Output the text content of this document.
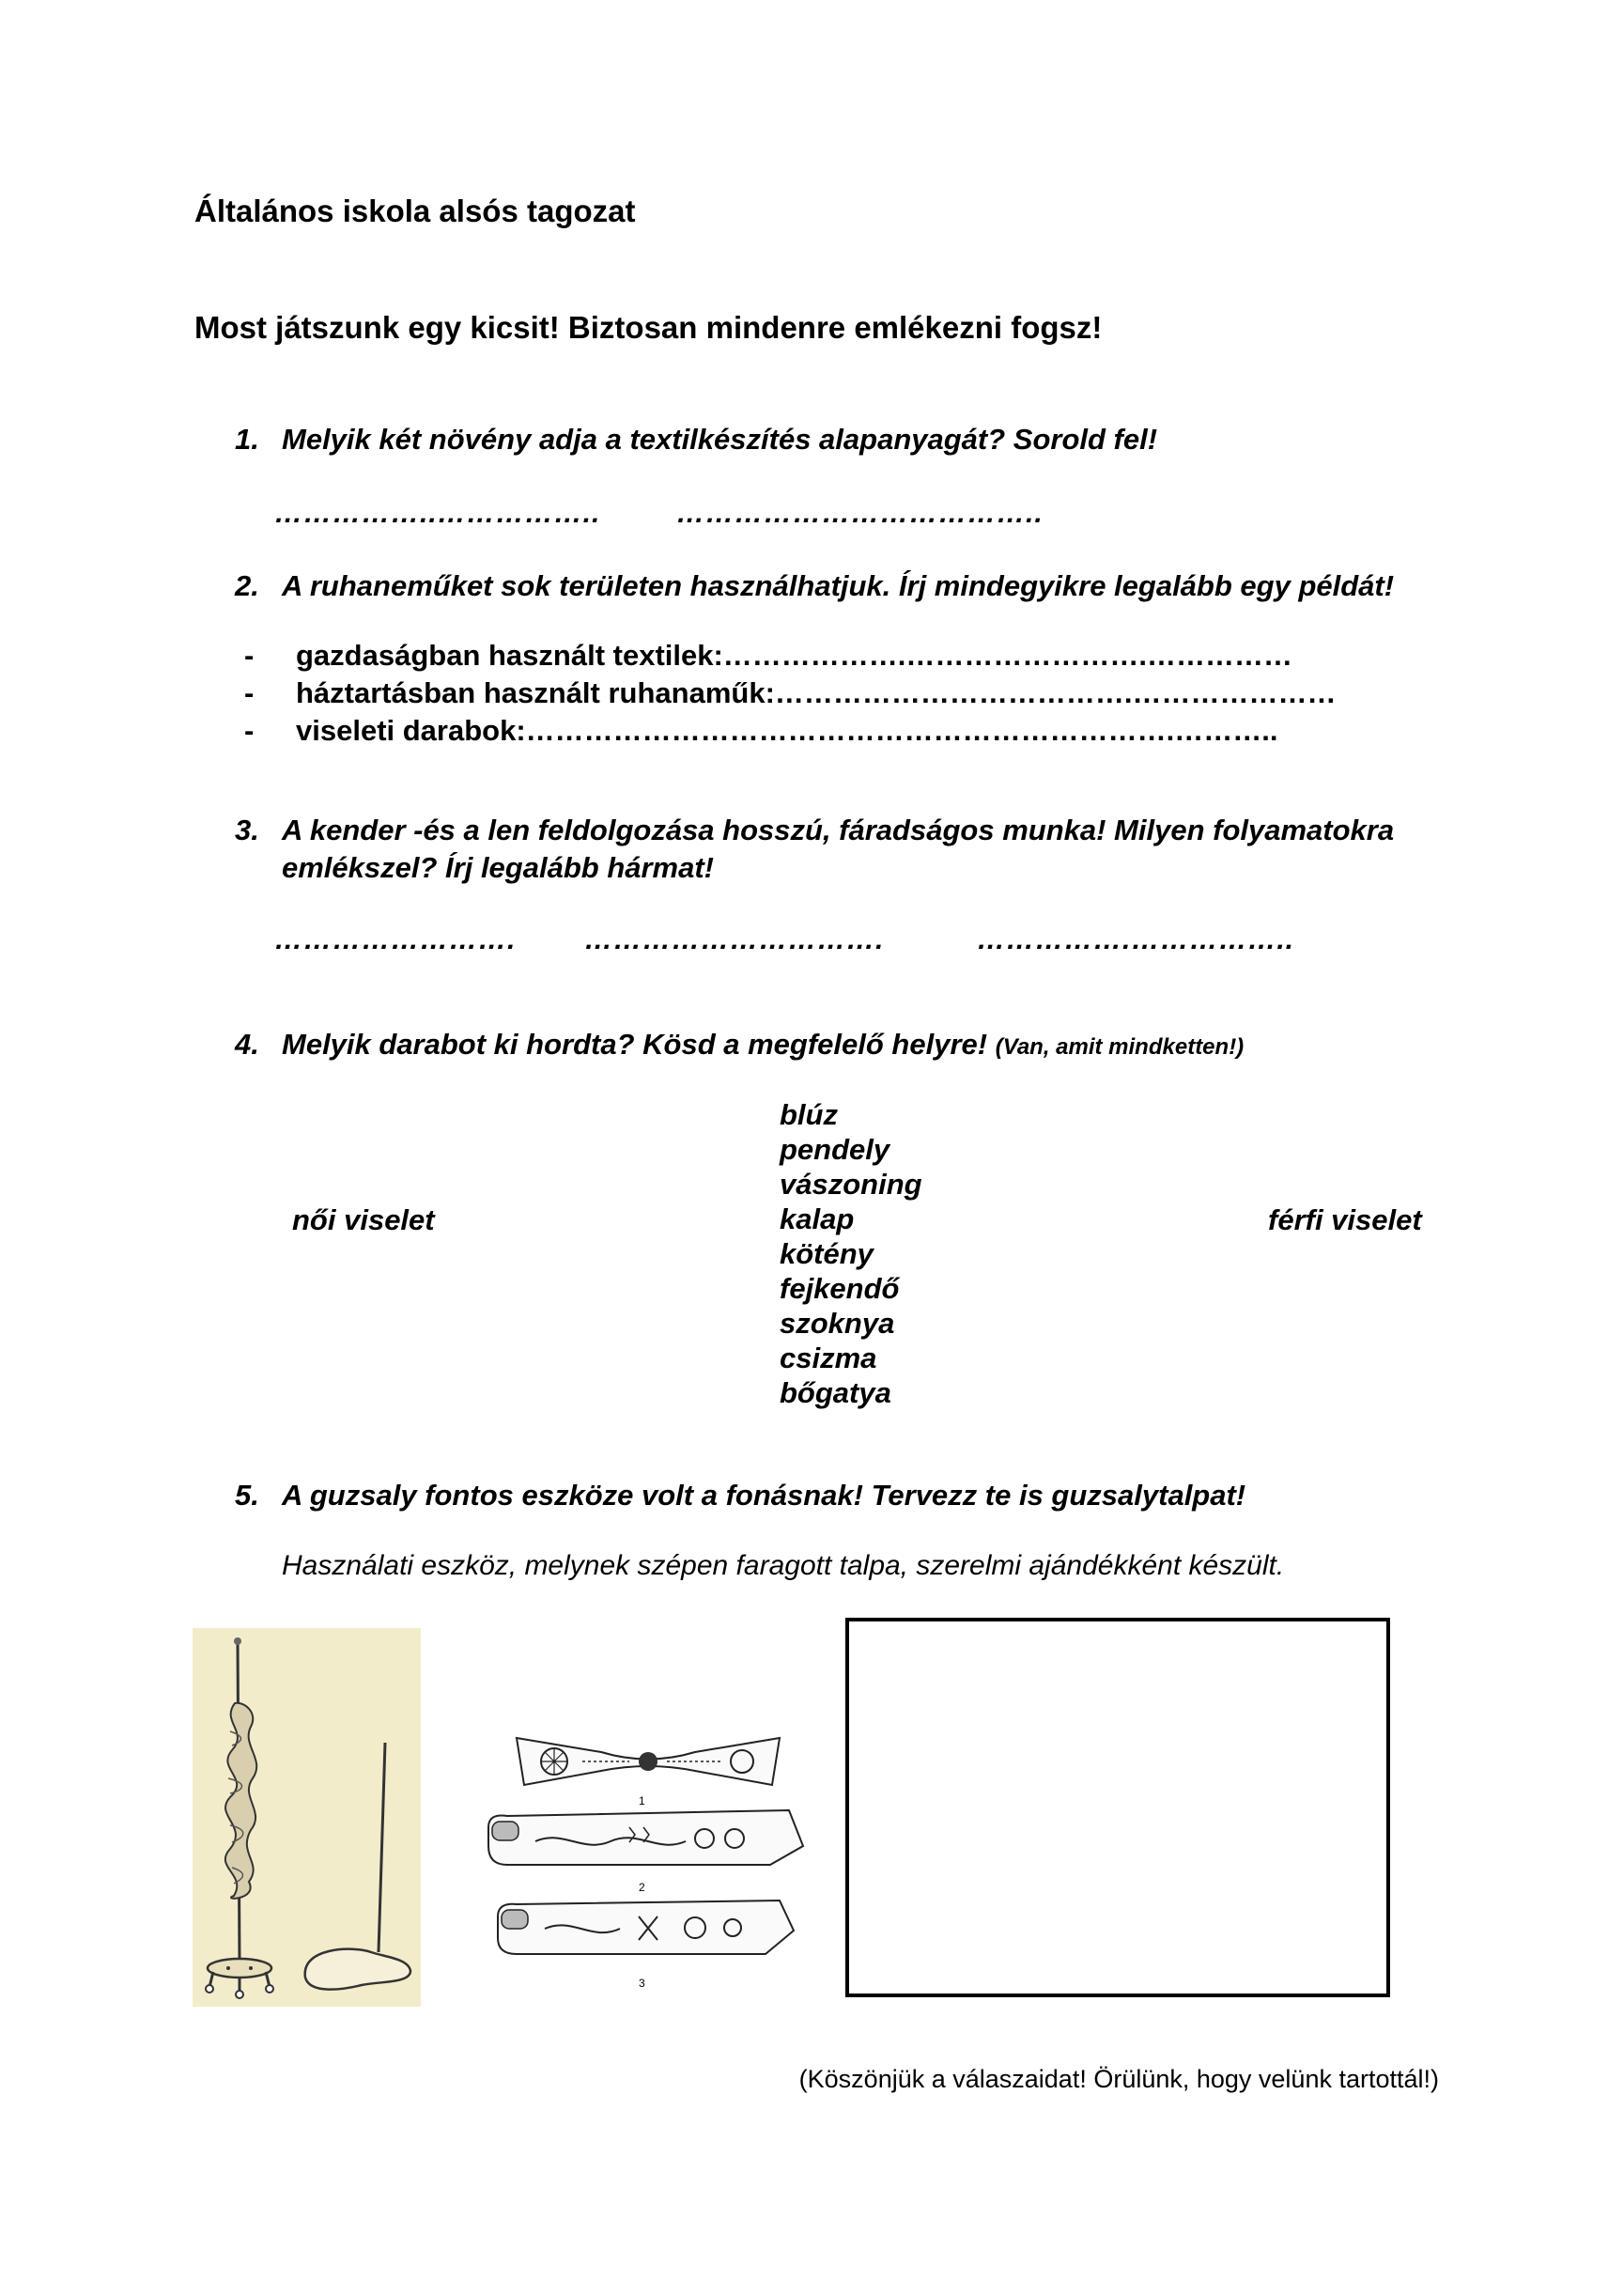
Általános iskola alsós tagozat
Most játszunk egy kicsit! Biztosan mindenre emlékezni fogsz!
1. Melyik két növény adja a textilkészítés alapanyagát? Sorold fel!
……………..……………..	………………………………..
2. A ruhaneműket sok területen használhatjuk. Írj mindegyikre legalább egy példát!
- gazdaságban használt textilek:……………….…………………….……………
- háztartásban használt ruhanaműk:……………………………….…………………
- viseleti darabok:………………………………………………………….………..
3. A kender -és a len feldolgozása hosszú, fáradságos munka! Milyen folyamatokra
emlékszel? Írj legalább hármat!
……………………. ………………………….	…………….……………..
4. Melyik darabot ki hordta? Kösd a megfelelő helyre! (Van, amit mindketten!)
női viselet	férfi viselet
blúz
pendely
vászoning
kalap
kötény
fejkendő
szoknya
csizma
bőgatya
5. A guzsaly fontos eszköze volt a fonásnak! Tervezz te is guzsalytalpat!
Használati eszköz, melynek szépen faragott talpa, szerelmi ajándékként készült.
1
2
3
(Köszönjük a válaszaidat! Örülünk, hogy velünk tartottál!)
